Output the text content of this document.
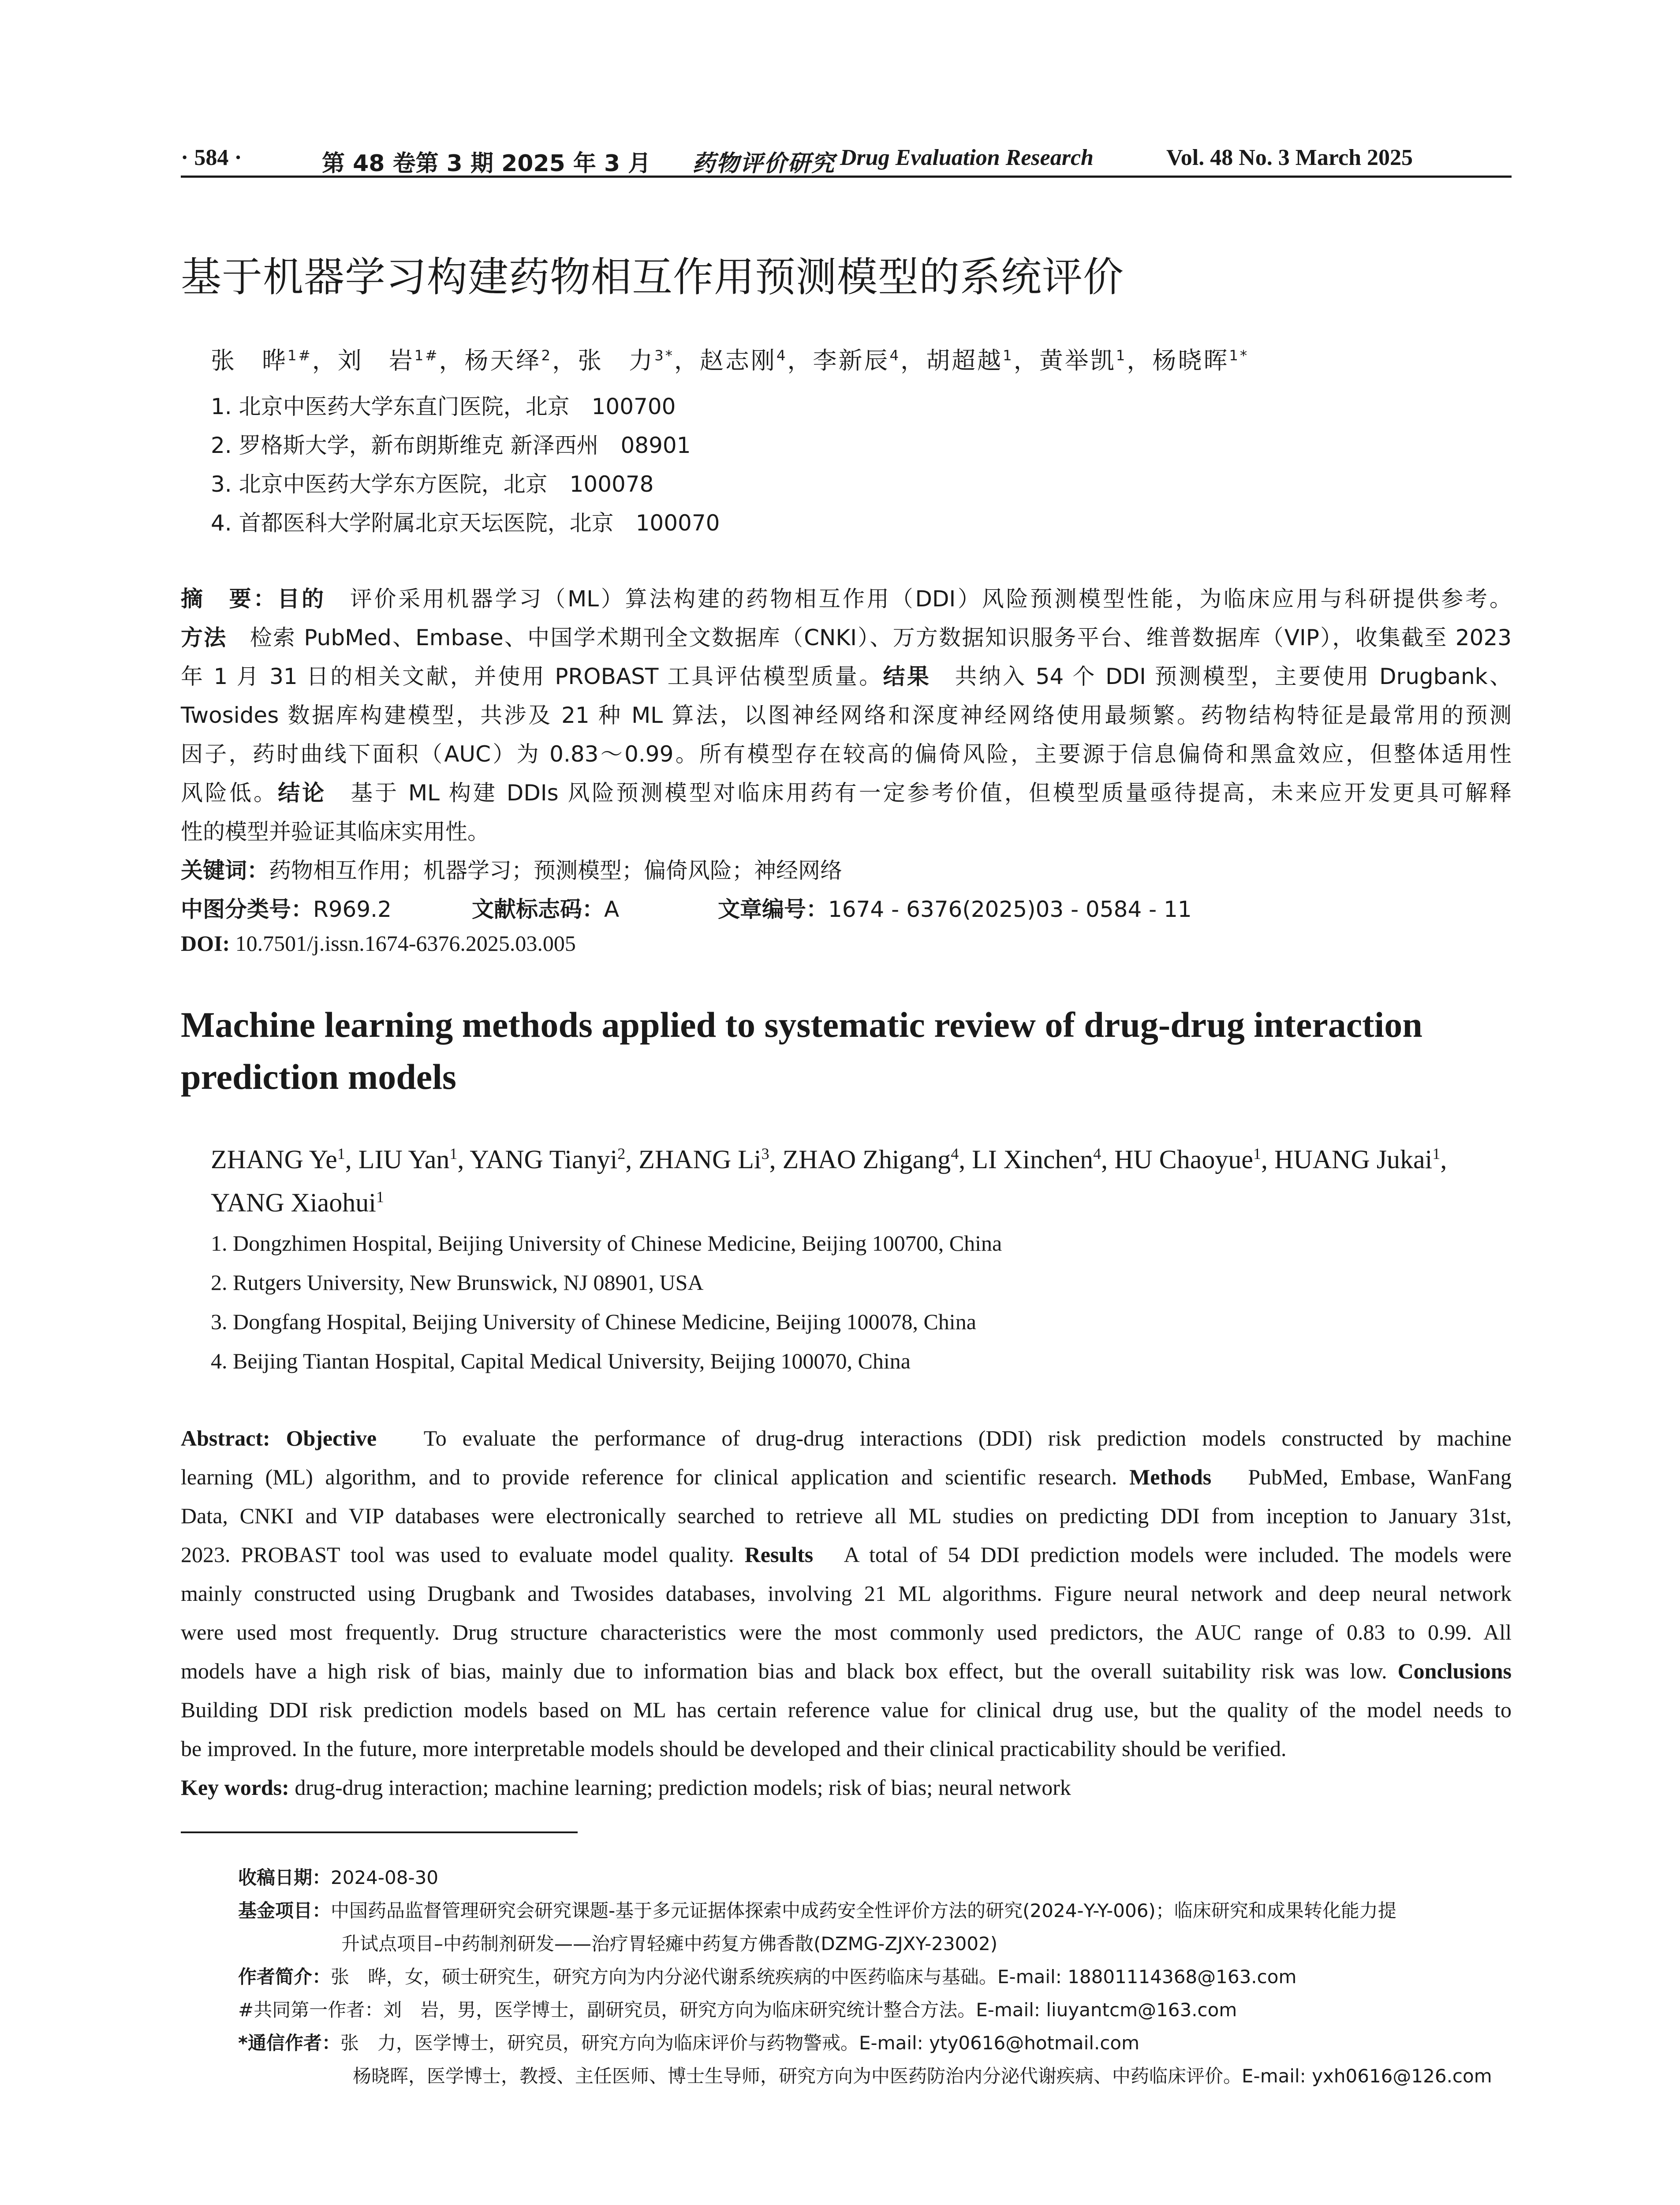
· 584 ·	第 48 卷第 3 期 2025 年 3 月 药物评价研究 Drug Evaluation Research	Vol. 48 No. 3 March 2025
基于机器学习构建药物相互作用预测模型的系统评价
张　晔$^{1\#}$，刘　岩$^{1\#}$，杨天绎$^2$，张　力$^{3*}$，赵志刚$^4$，李新辰$^4$，胡超越$^1$，黄举凯$^1$，杨晓晖$^{1*}$
1. 北京中医药大学东直门医院，北京　100700
2. 罗格斯大学，新布朗斯维克 新泽西州　08901
3. 北京中医药大学东方医院，北京　100078
4. 首都医科大学附属北京天坛医院，北京　100070
摘　要：目的　评价采用机器学习（ML）算法构建的药物相互作用（DDI）风险预测模型性能，为临床应用与科研提供参考。
方法　检索 PubMed、Embase、中国学术期刊全文数据库（CNKI）、万方数据知识服务平台、维普数据库（VIP），收集截至 2023
年 1 月 31 日的相关文献，并使用 PROBAST 工具评估模型质量。结果　共纳入 54 个 DDI 预测模型，主要使用 Drugbank、
Twosides 数据库构建模型，共涉及 21 种 ML 算法，以图神经网络和深度神经网络使用最频繁。药物结构特征是最常用的预测
因子，药时曲线下面积（AUC）为 0.83～0.99。所有模型存在较高的偏倚风险，主要源于信息偏倚和黑盒效应，但整体适用性
风险低。结论　基于 ML 构建 DDIs 风险预测模型对临床用药有一定参考价值，但模型质量亟待提高，未来应开发更具可解释
性的模型并验证其临床实用性。
关键词：药物相互作用；机器学习；预测模型；偏倚风险；神经网络
中图分类号：R969.2	文献标志码：A	文章编号：1674 - 6376(2025)03 - 0584 - 11
DOI: 10.7501/j.issn.1674-6376.2025.03.005
Machine learning methods applied to systematic review of drug-drug interaction prediction models
ZHANG Ye$^1$, LIU Yan$^1$, YANG Tianyi$^2$, ZHANG Li$^3$, ZHAO Zhigang$^4$, LI Xinchen$^4$, HU Chaoyue$^1$, HUANG Jukai$^1$, YANG Xiaohui$^1$
1. Dongzhimen Hospital, Beijing University of Chinese Medicine, Beijing 100700, China
2. Rutgers University, New Brunswick, NJ 08901, USA
3. Dongfang Hospital, Beijing University of Chinese Medicine, Beijing 100078, China
4. Beijing Tiantan Hospital, Capital Medical University, Beijing 100070, China
Abstract: Objective To evaluate the performance of drug-drug interactions (DDI) risk prediction models constructed by machine
learning (ML) algorithm, and to provide reference for clinical application and scientific research. Methods PubMed, Embase, WanFang
Data, CNKI and VIP databases were electronically searched to retrieve all ML studies on predicting DDI from inception to January 31st,
2023. PROBAST tool was used to evaluate model quality. Results A total of 54 DDI prediction models were included. The models were
mainly constructed using Drugbank and Twosides databases, involving 21 ML algorithms. Figure neural network and deep neural network
were used most frequently. Drug structure characteristics were the most commonly used predictors, the AUC range of 0.83 to 0.99. All
models have a high risk of bias, mainly due to information bias and black box effect, but the overall suitability risk was low. Conclusions
Building DDI risk prediction models based on ML has certain reference value for clinical drug use, but the quality of the model needs to
be improved. In the future, more interpretable models should be developed and their clinical practicability should be verified.
Key words: drug-drug interaction; machine learning; prediction models; risk of bias; neural network
收稿日期：2024-08-30
基金项目：中国药品监督管理研究会研究课题-基于多元证据体探索中成药安全性评价方法的研究(2024-Y-Y-006)；临床研究和成果转化能力提
升试点项目–中药制剂研发——治疗胃轻瘫中药复方佛香散(DZMG-ZJXY-23002)
作者简介：张　晔，女，硕士研究生，研究方向为内分泌代谢系统疾病的中医药临床与基础。E-mail: 18801114368@163.com
#共同第一作者：刘　岩，男，医学博士，副研究员，研究方向为临床研究统计整合方法。E-mail: liuyantcm@163.com
*通信作者：张　力，医学博士，研究员，研究方向为临床评价与药物警戒。E-mail: yty0616@hotmail.com
杨晓晖，医学博士，教授、主任医师、博士生导师，研究方向为中医药防治内分泌代谢疾病、中药临床评价。E-mail: yxh0616@126.com
